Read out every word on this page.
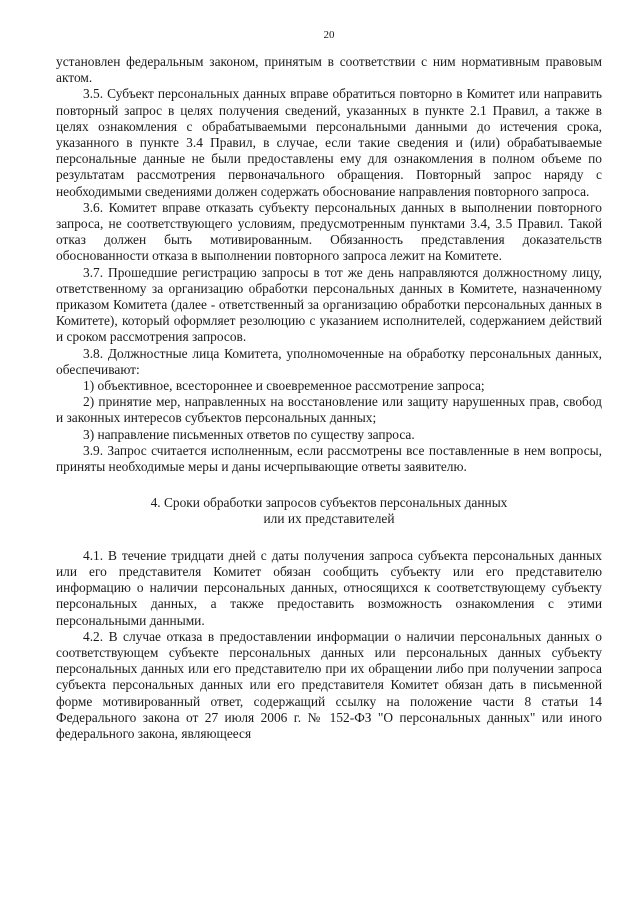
20

установлен федеральным законом, принятым в соответствии с ним нормативным правовым актом.

3.5. Субъект персональных данных вправе обратиться повторно в Комитет или направить повторный запрос в целях получения сведений, указанных в пункте 2.1 Правил, а также в целях ознакомления с обрабатываемыми персональными данными до истечения срока, указанного в пункте 3.4 Правил, в случае, если такие сведения и (или) обрабатываемые персональные данные не были предоставлены ему для ознакомления в полном объеме по результатам рассмотрения первоначального обращения. Повторный запрос наряду с необходимыми сведениями должен содержать обоснование направления повторного запроса.

3.6. Комитет вправе отказать субъекту персональных данных в выполнении повторного запроса, не соответствующего условиям, предусмотренным пунктами 3.4, 3.5 Правил. Такой отказ должен быть мотивированным. Обязанность представления доказательств обоснованности отказа в выполнении повторного запроса лежит на Комитете.

3.7. Прошедшие регистрацию запросы в тот же день направляются должностному лицу, ответственному за организацию обработки персональных данных в Комитете, назначенному приказом Комитета (далее - ответственный за организацию обработки персональных данных в Комитете), который оформляет резолюцию с указанием исполнителей, содержанием действий и сроком рассмотрения запросов.

3.8. Должностные лица Комитета, уполномоченные на обработку персональных данных, обеспечивают:

1) объективное, всестороннее и своевременное рассмотрение запроса;

2) принятие мер, направленных на восстановление или защиту нарушенных прав, свобод и законных интересов субъектов персональных данных;

3) направление письменных ответов по существу запроса.

3.9. Запрос считается исполненным, если рассмотрены все поставленные в нем вопросы, приняты необходимые меры и даны исчерпывающие ответы заявителю.

4. Сроки обработки запросов субъектов персональных данных
или их представителей

4.1. В течение тридцати дней с даты получения запроса субъекта персональных данных или его представителя Комитет обязан сообщить субъекту или его представителю информацию о наличии персональных данных, относящихся к соответствующему субъекту персональных данных, а также предоставить возможность ознакомления с этими персональными данными.

4.2. В случае отказа в предоставлении информации о наличии персональных данных о соответствующем субъекте персональных данных или персональных данных субъекту персональных данных или его представителю при их обращении либо при получении запроса субъекта персональных данных или его представителя Комитет обязан дать в письменной форме мотивированный ответ, содержащий ссылку на положение части 8 статьи 14 Федерального закона от 27 июля 2006 г. № 152-ФЗ "О персональных данных" или иного федерального закона, являющееся
